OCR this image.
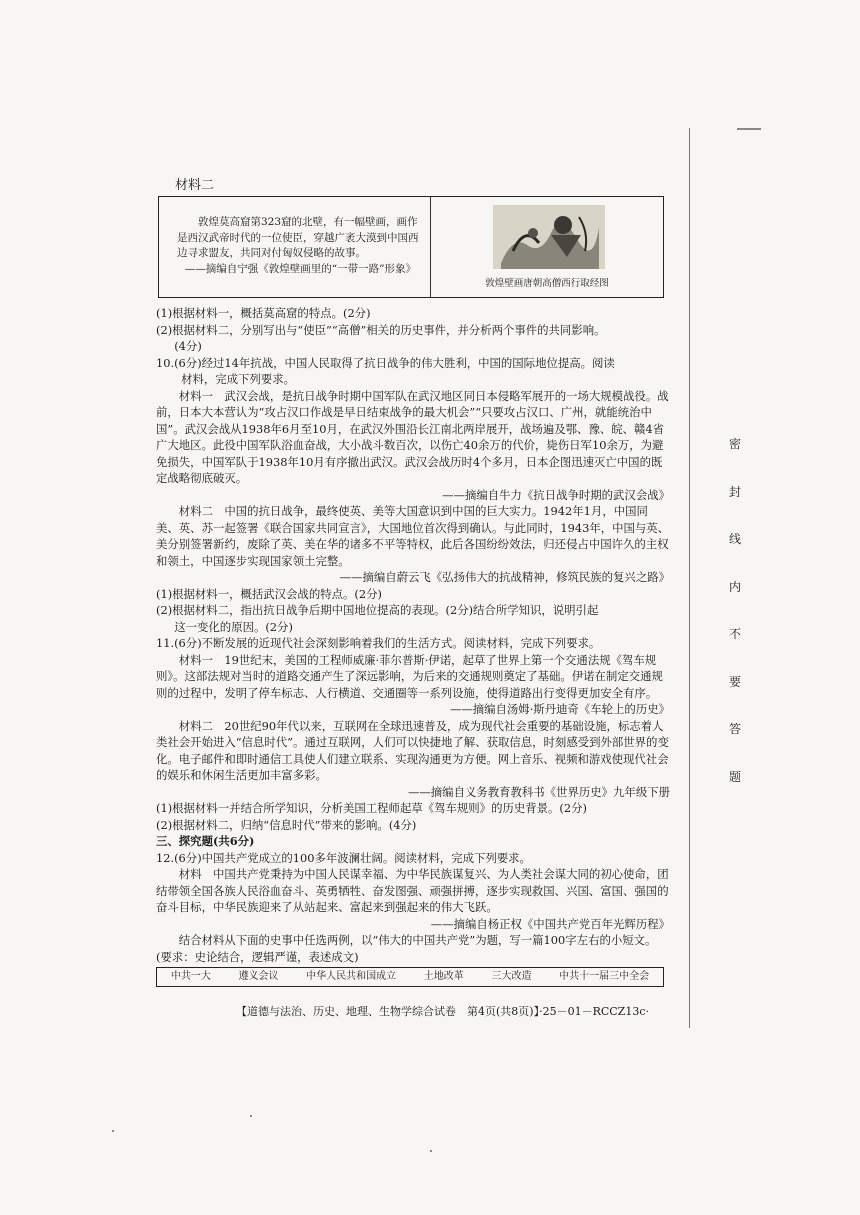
密
封
线
内
不
要
答
题
材料二
敦煌莫高窟第323窟的北壁，有一幅壁画，画作
是西汉武帝时代的一位使臣，穿越广袤大漠到中国西
边寻求盟友，共同对付匈奴侵略的故事。
——摘编自宁强《敦煌壁画里的“一带一路”形象》
敦煌壁画唐朝高僧西行取经图

(1)根据材料一，概括莫高窟的特点。(2分)

(2)根据材料二，分别写出与“使臣”“高僧”相关的历史事件，并分析两个事件的共同影响。

(4分)

10.(6分)经过14年抗战，中国人民取得了抗日战争的伟大胜利，中国的国际地位提高。阅读

材料，完成下列要求。

材料一　武汉会战，是抗日战争时期中国军队在武汉地区同日本侵略军展开的一场大规模战役。战前，日本大本营认为“攻占汉口作战是早日结束战争的最大机会”“只要攻占汉口、广州，就能统治中国”。武汉会战从1938年6月至10月，在武汉外围沿长江南北两岸展开，战场遍及鄂、豫、皖、赣4省广大地区。此役中国军队浴血奋战，大小战斗数百次，以伤亡40余万的代价，毙伤日军10余万，为避免损失，中国军队于1938年10月有序撤出武汉。武汉会战历时4个多月，日本企图迅速灭亡中国的既定战略彻底破灭。

——摘编自牛力《抗日战争时期的武汉会战》

材料二　中国的抗日战争，最终使英、美等大国意识到中国的巨大实力。1942年1月，中国同美、英、苏一起签署《联合国家共同宣言》，大国地位首次得到确认。与此同时，1943年，中国与英、美分别签署新约，废除了英、美在华的诸多不平等特权，此后各国纷纷效法，归还侵占中国许久的主权和领土，中国逐步实现国家领土完整。

——摘编自蔚云飞《弘扬伟大的抗战精神，修筑民族的复兴之路》

(1)根据材料一，概括武汉会战的特点。(2分)

(2)根据材料二，指出抗日战争后期中国地位提高的表现。(2分)结合所学知识，说明引起

这一变化的原因。(2分)

11.(6分)不断发展的近现代社会深刻影响着我们的生活方式。阅读材料，完成下列要求。

材料一　19世纪末，美国的工程师威廉·菲尔普斯·伊诺，起草了世界上第一个交通法规《驾车规则》。这部法规对当时的道路交通产生了深远影响，为后来的交通规则奠定了基础。伊诺在制定交通规则的过程中，发明了停车标志、人行横道、交通圈等一系列设施，使得道路出行变得更加安全有序。

——摘编自汤姆·斯丹迪奇《车轮上的历史》

材料二　20世纪90年代以来，互联网在全球迅速普及，成为现代社会重要的基础设施，标志着人类社会开始进入“信息时代”。通过互联网，人们可以快捷地了解、获取信息，时刻感受到外部世界的变化。电子邮件和即时通信工具使人们建立联系、实现沟通更为方便。网上音乐、视频和游戏使现代社会的娱乐和休闲生活更加丰富多彩。

——摘编自义务教育教科书《世界历史》九年级下册

(1)根据材料一并结合所学知识，分析美国工程师起草《驾车规则》的历史背景。(2分)

(2)根据材料二，归纳“信息时代”带来的影响。(4分)

三、探究题(共6分)

12.(6分)中国共产党成立的100多年波澜壮阔。阅读材料，完成下列要求。

材料　中国共产党秉持为中国人民谋幸福、为中华民族谋复兴、为人类社会谋大同的初心使命，团结带领全国各族人民浴血奋斗、英勇牺牲、奋发图强、顽强拼搏，逐步实现救国、兴国、富国、强国的奋斗目标，中华民族迎来了从站起来、富起来到强起来的伟大飞跃。

——摘编自杨正权《中国共产党百年光辉历程》

结合材料从下面的史事中任选两例，以“伟大的中国共产党”为题，写一篇100字左右的小短文。(要求：史论结合，逻辑严谨，表述成文)

中共一大	遵义会议	中华人民共和国成立	土地改革	三大改造	中共十一届三中全会
【道德与法治、历史、地理、生物学综合试卷　第4页(共8页)】·25－01－RCCZ13c·
